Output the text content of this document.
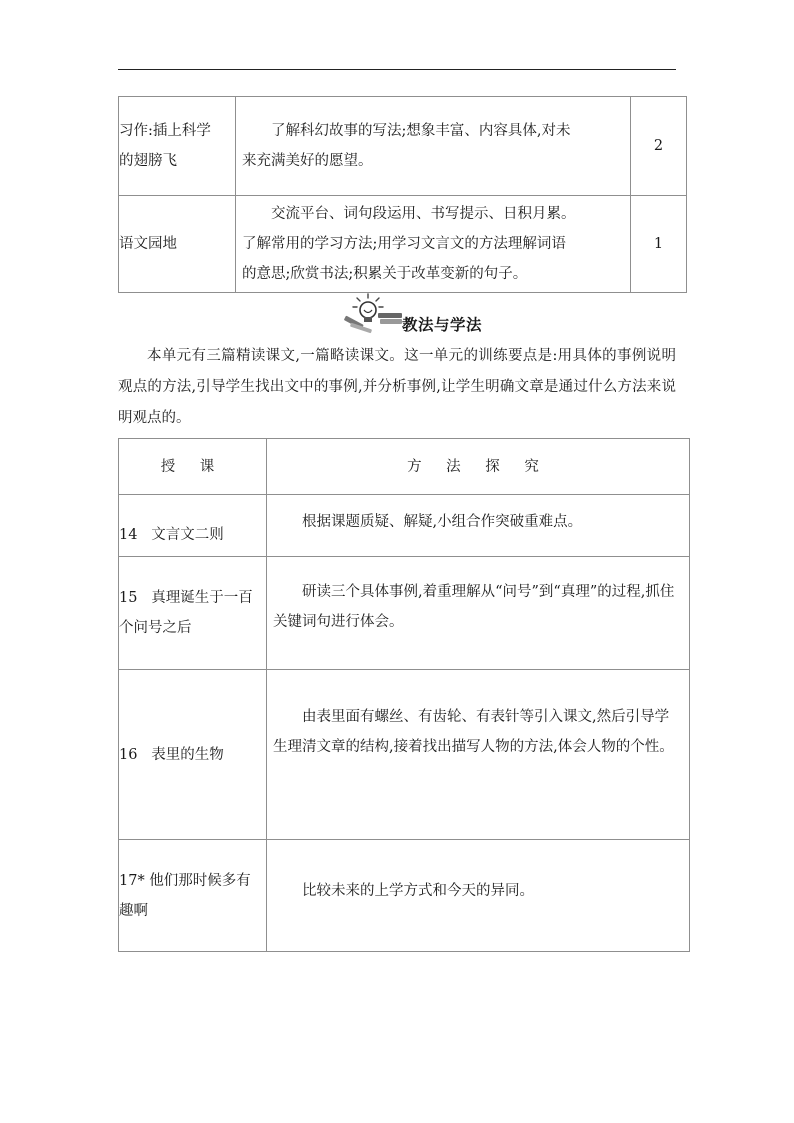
习作:插上科学
的翅膀飞	了解科幻故事的写法;想象丰富、内容具体,对未
来充满美好的愿望。	2

语文园地	交流平台、词句段运用、书写提示、日积月累。
了解常用的学习方法;用学习文言文的方法理解词语
的意思;欣赏书法;积累关于改革变新的句子。	1
教法与学法

本单元有三篇精读课文,一篇略读课文。这一单元的训练要点是:用具体的事例说明观点的方法,引导学生找出文中的事例,并分析事例,让学生明确文章是通过什么方法来说明观点的。

授 课	方 法 探 究

14   文言文二则	根据课题质疑、解疑,小组合作突破重难点。

15   真理诞生于一百
个问号之后	研读三个具体事例,着重理解从“问号”到“真理”的过程,抓住关键词句进行体会。

16   表里的生物	由表里面有螺丝、有齿轮、有表针等引入课文,然后引导学生理清文章的结构,接着找出描写人物的方法,体会人物的个性。

17* 他们那时候多有
趣啊	比较未来的上学方式和今天的异同。
